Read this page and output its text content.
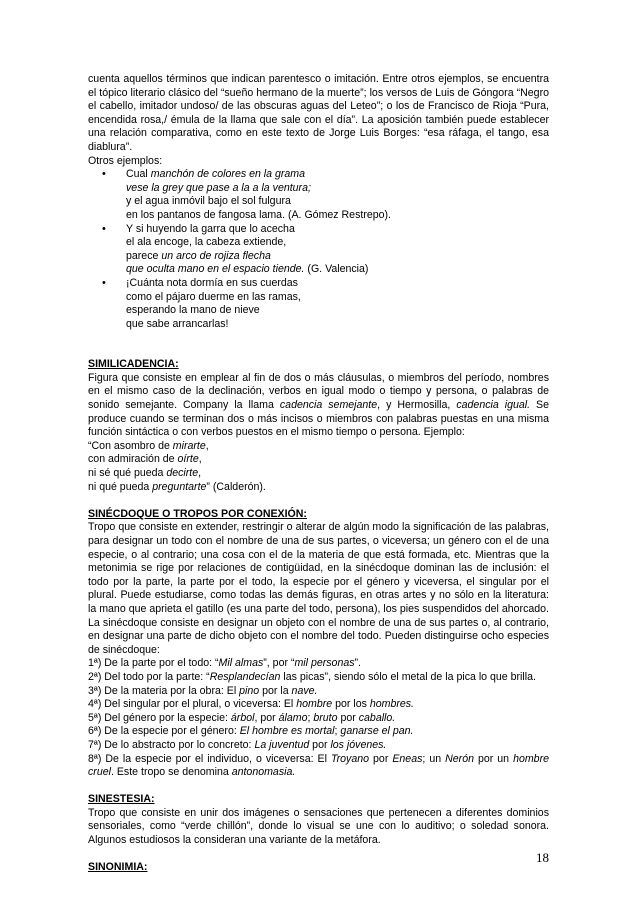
cuenta aquellos términos que indican parentesco o imitación. Entre otros ejemplos, se encuentra el tópico literario clásico del “sueño hermano de la muerte”; los versos de Luis de Góngora “Negro el cabello, imitador undoso/ de las obscuras aguas del Leteo”; o los de Francisco de Rioja “Pura, encendida rosa,/ émula de la llama que sale con el día”. La aposición también puede establecer una relación comparativa, como en este texto de Jorge Luis Borges: “esa ráfaga, el tango, esa diablura”.

Otros ejemplos:

• Cual manchón de colores en la grama
vese la grey que pase a la a la ventura;
y el agua inmóvil bajo el sol fulgura
en los pantanos de fangosa lama. (A. Gómez Restrepo).
• Y si huyendo la garra que lo acecha
el ala encoge, la cabeza extiende,
parece un arco de rojiza flecha
que oculta mano en el espacio tiende. (G. Valencia)
• ¡Cuánta nota dormía en sus cuerdas
como el pájaro duerme en las ramas,
esperando la mano de nieve
que sabe arrancarlas!

SIMILICADENCIA:

Figura que consiste en emplear al fin de dos o más cláusulas, o miembros del período, nombres en el mismo caso de la declinación, verbos en igual modo o tiempo y persona, o palabras de sonido semejante. Company la llama cadencia semejante, y Hermosilla, cadencia igual. Se produce cuando se terminan dos o más incisos o miembros con palabras puestas en una misma función sintáctica o con verbos puestos en el mismo tiempo o persona. Ejemplo:

“Con asombro de mirarte,

con admiración de oírte,

ni sé qué pueda decirte,

ni qué pueda preguntarte” (Calderón).

SINÉCDOQUE O TROPOS POR CONEXIÓN:

Tropo que consiste en extender, restringir o alterar de algún modo la significación de las palabras, para designar un todo con el nombre de una de sus partes, o viceversa; un género con el de una especie, o al contrario; una cosa con el de la materia de que está formada, etc. Mientras que la metonimia se rige por relaciones de contigüidad, en la sinécdoque dominan las de inclusión: el todo por la parte, la parte por el todo, la especie por el género y viceversa, el singular por el plural. Puede estudiarse, como todas las demás figuras, en otras artes y no sólo en la literatura: la mano que aprieta el gatillo (es una parte del todo, persona), los pies suspendidos del ahorcado. La sinécdoque consiste en designar un objeto con el nombre de una de sus partes o, al contrario, en designar una parte de dicho objeto con el nombre del todo. Pueden distinguirse ocho especies de sinécdoque:

1ª) De la parte por el todo: “Mil almas”, por “mil personas”.

2ª) Del todo por la parte: “Resplandecían las picas”, siendo sólo el metal de la pica lo que brilla.

3ª) De la materia por la obra: El pino por la nave.

4ª) Del singular por el plural, o viceversa: El hombre por los hombres.

5ª) Del género por la especie: árbol, por álamo; bruto por caballo.

6ª) De la especie por el género: El hombre es mortal; ganarse el pan.

7ª) De lo abstracto por lo concreto: La juventud por los jóvenes.

8ª) De la especie por el individuo, o viceversa: El Troyano por Eneas; un Nerón por un hombre cruel. Este tropo se denomina antonomasia.

SINESTESIA:

Tropo que consiste en unir dos imágenes o sensaciones que pertenecen a diferentes dominios sensoriales, como “verde chillón”, donde lo visual se une con lo auditivo; o soledad sonora. Algunos estudiosos la consideran una variante de la metáfora.

SINONIMIA:

18
